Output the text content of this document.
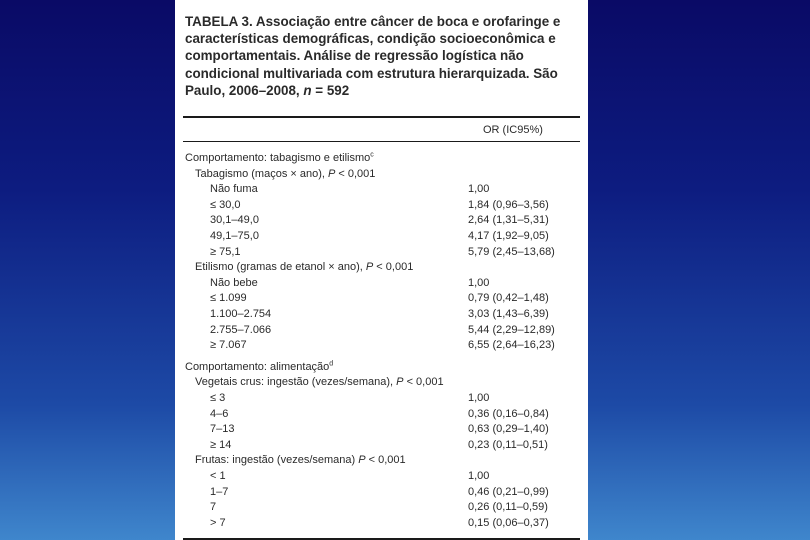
TABELA 3. Associação entre câncer de boca e orofaringe e características demográficas, condição socioeconômica e comportamentais. Análise de regressão logística não condicional multivariada com estrutura hierarquizada. São Paulo, 2006–2008, n = 592
OR (IC95%)
Comportamento: tabagismo e etilismo$^c$
Tabagismo (maços × ano), P < 0,001
Não fuma	1,00
≤ 30,0	1,84 (0,96–3,56)
30,1–49,0	2,64 (1,31–5,31)
49,1–75,0	4,17 (1,92–9,05)
≥ 75,1	5,79 (2,45–13,68)
Etilismo (gramas de etanol × ano), P < 0,001
Não bebe	1,00
≤ 1.099	0,79 (0,42–1,48)
1.100–2.754	3,03 (1,43–6,39)
2.755–7.066	5,44 (2,29–12,89)
≥ 7.067	6,55 (2,64–16,23)
Comportamento: alimentação$^d$
Vegetais crus: ingestão (vezes/semana), P < 0,001
≤ 3	1,00
4–6	0,36 (0,16–0,84)
7–13	0,63 (0,29–1,40)
≥ 14	0,23 (0,11–0,51)
Frutas: ingestão (vezes/semana) P < 0,001
< 1	1,00
1–7	0,46 (0,21–0,99)
7	0,26 (0,11–0,59)
> 7	0,15 (0,06–0,37)
